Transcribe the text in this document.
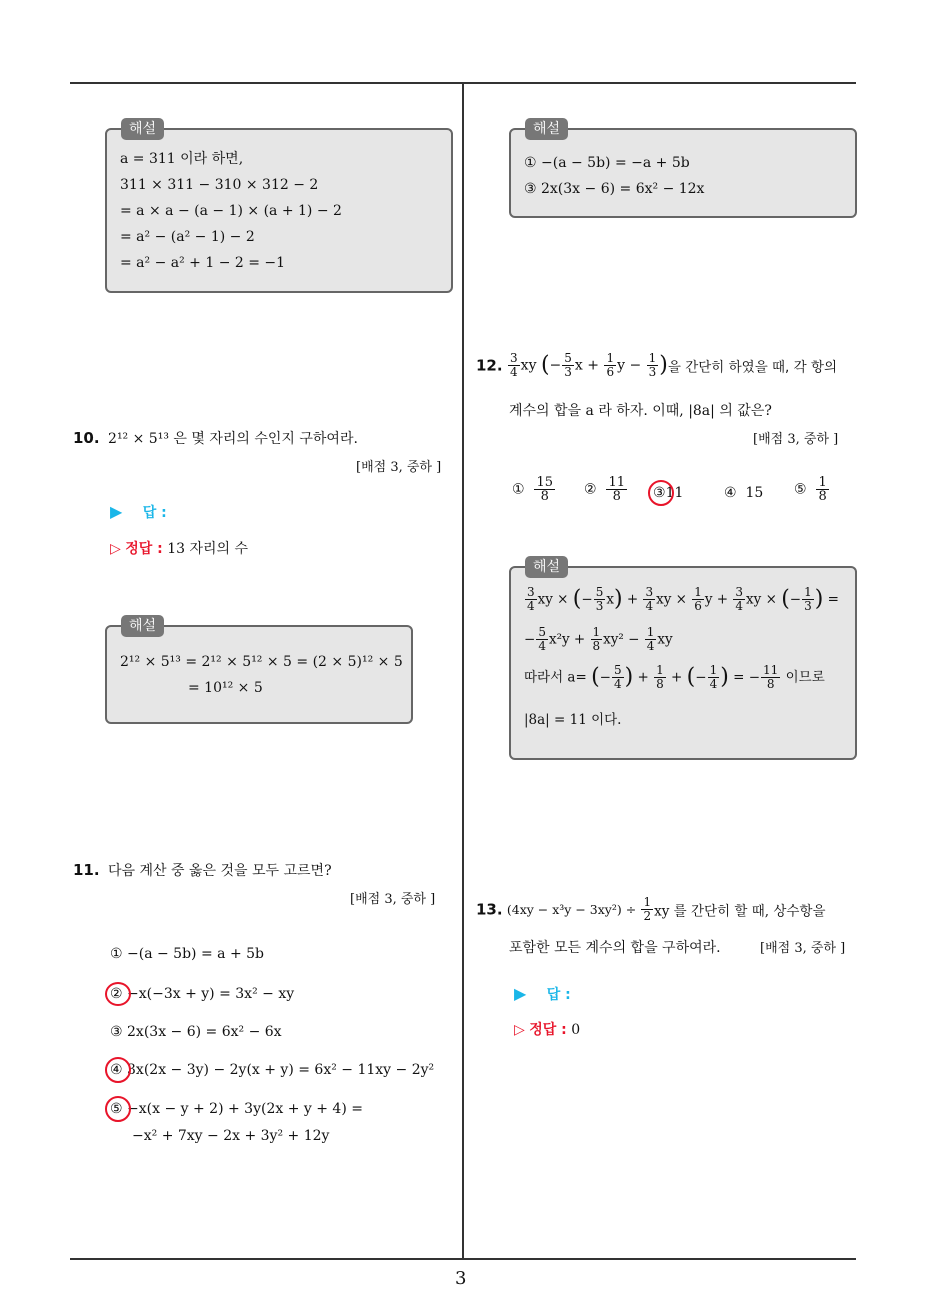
3
해설
a = 311 이라 하면,
311 × 311 − 310 × 312 − 2
= a × a − (a − 1) × (a + 1) − 2
= a² − (a² − 1) − 2
= a² − a² + 1 − 2 = −1
10. 2¹² × 5¹³ 은 몇 자리의 수인지 구하여라.
[배점 3, 중하 ]
▶ 답 :
▷ 정답 : 13 자리의 수
해설
2¹² × 5¹³ = 2¹² × 5¹² × 5 = (2 × 5)¹² × 5
= 10¹² × 5
11. 다음 계산 중 옳은 것을 모두 고르면?
[배점 3, 중하 ]
① −(a − 5b) = a + 5b
② −x(−3x + y) = 3x² − xy
③ 2x(3x − 6) = 6x² − 6x
④ 3x(2x − 3y) − 2y(x + y) = 6x² − 11xy − 2y²
⑤ −x(x − y + 2) + 3y(2x + y + 4) =
−x² + 7xy − 2x + 3y² + 12y
해설
① −(a − 5b) = −a + 5b
③ 2x(3x − 6) = 6x² − 12x
12. $\frac{3}{4}$ xy (− $\frac{5}{3}$ $x + \frac{1}{6}$ $y - \frac{1}{3}$ )을 간단히 하였을 때, 각 항의
계수의 합을 a 라 하자. 이때, |8a| 의 값은?
[배점 3, 중하 ]
① $\frac{15}{8}$ ② $\frac{11}{8}$ ③11	④ 15 ⑤ $\frac{1}{8}$
해설
$\frac{3}{4}$ xy × (− $\frac{5}{3} x) + \frac{3}{4}$ xy × $\frac{1}{6}$ $y + \frac{3}{4}$ xy × (− $\frac{1}{3}$ ) =
− $\frac{5}{4} x^2y + \frac{1}{8} xy^2 - \frac{1}{4}$ xy
따라서 a= (− $\frac{5}{4}$ ) + $\frac{1}{8}$ + (− $\frac{1}{4}$ ) = − $\frac{11}{8}$ 이므로
|8a| = 11 이다.
13. $(4xy - x^3y - 3xy^2) \div \frac{1}{2}$ xy 를 간단히 할 때, 상수항을
포함한 모든 계수의 합을 구하여라.	[배점 3, 중하 ]
▶ 답 :
▷ 정답 : 0
